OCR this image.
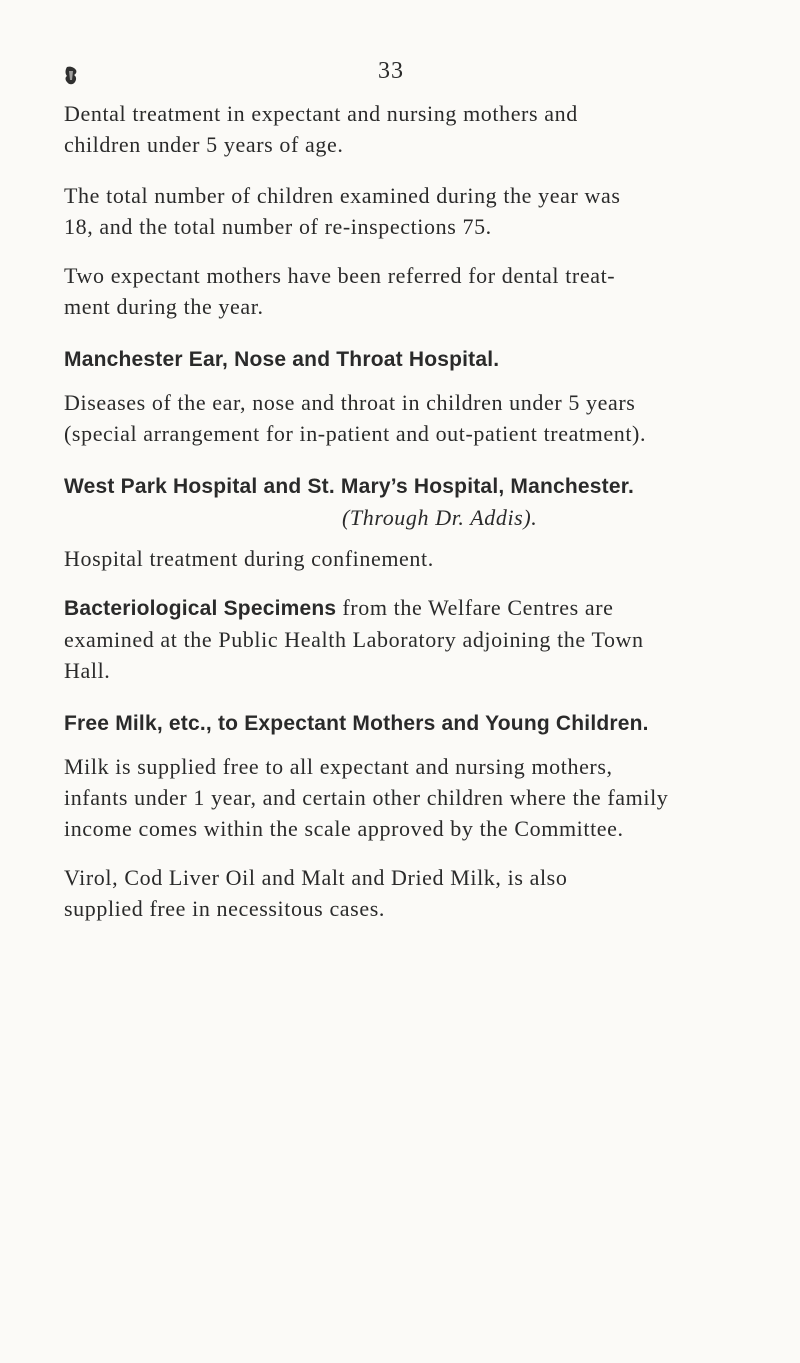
33

Dental treatment in expectant and nursing mothers and
children under 5 years of age.

The total number of children examined during the year was
18, and the total number of re-inspections 75.

Two expectant mothers have been referred for dental treat-
ment during the year.

Manchester Ear, Nose and Throat Hospital.

Diseases of the ear, nose and throat in children under 5 years
(special arrangement for in-patient and out-patient treatment).

West Park Hospital and St. Mary’s Hospital, Manchester.

(Through Dr. Addis).

Hospital treatment during confinement.

Bacteriological Specimens from the Welfare Centres are
examined at the Public Health Laboratory adjoining the Town
Hall.

Free Milk, etc., to Expectant Mothers and Young Children.

Milk is supplied free to all expectant and nursing mothers,
infants under 1 year, and certain other children where the family
income comes within the scale approved by the Committee.

Virol, Cod Liver Oil and Malt and Dried Milk, is also
supplied free in necessitous cases.
